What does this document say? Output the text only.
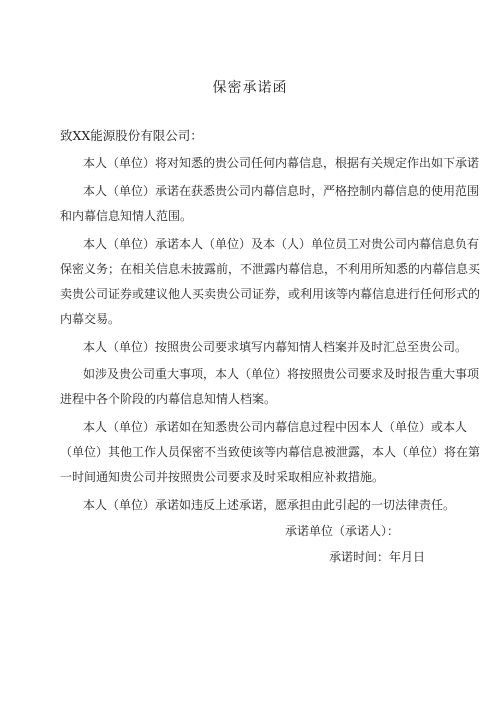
保密承诺函
致XX能源股份有限公司：
本人（单位）将对知悉的贵公司任何内幕信息，根据有关规定作出如下承诺
本人（单位）承诺在获悉贵公司内幕信息时，严格控制内幕信息的使用范围
和内幕信息知情人范围。
本人（单位）承诺本人（单位）及本（人）单位员工对贵公司内幕信息负有
保密义务；在相关信息未披露前，不泄露内幕信息，不利用所知悉的内幕信息买
卖贵公司证券或建议他人买卖贵公司证券，或利用该等内幕信息进行任何形式的
内幕交易。
本人（单位）按照贵公司要求填写内幕知情人档案并及时汇总至贵公司。
如涉及贵公司重大事项，本人（单位）将按照贵公司要求及时报告重大事项
进程中各个阶段的内幕信息知情人档案。
本人（单位）承诺如在知悉贵公司内幕信息过程中因本人（单位）或本人
（单位）其他工作人员保密不当致使该等内幕信息被泄露，本人（单位）将在第
一时间通知贵公司并按照贵公司要求及时采取相应补救措施。
本人（单位）承诺如违反上述承诺，愿承担由此引起的一切法律责任。
承诺单位（承诺人）：
承诺时间：年月日
